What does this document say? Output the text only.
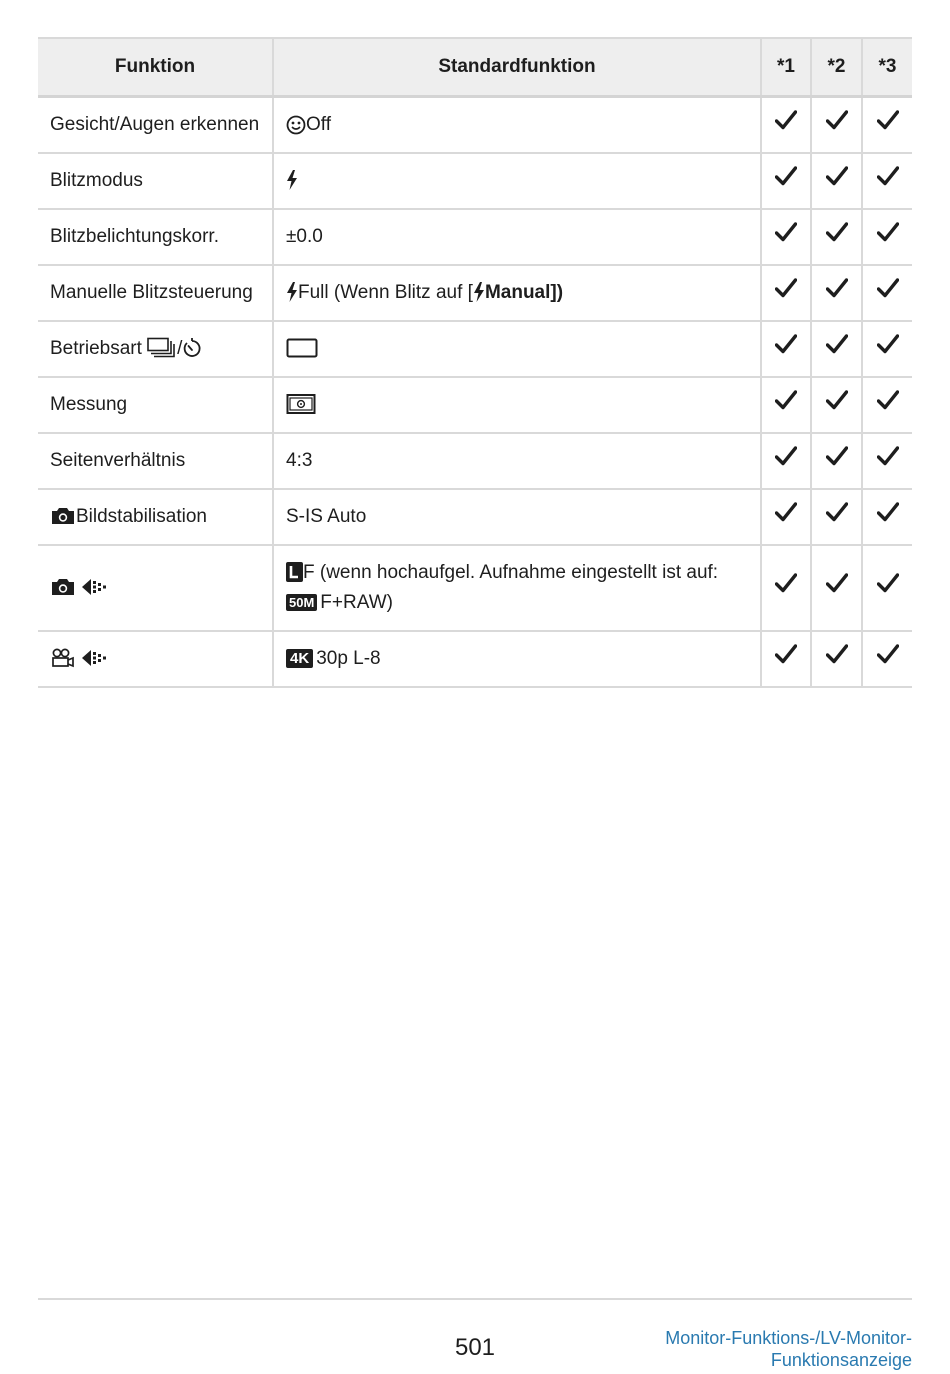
Funktion	Standardfunktion	*1	*2	*3
Gesicht/Augen erkennen	Off			
Blitzmodus				
Blitzbelichtungskorr.	±0.0			
Manuelle Blitzsteuerung	Full (Wenn Blitz auf [ Manual])			
Betriebsart /				
Messung				
Seitenverhältnis	4:3			
Bildstabilisation	S-IS Auto			
	F (wenn hochaufgel. Aufnahme eingestellt ist auf:
50M F+RAW)			
	4K 30p L-8			
501	Monitor-Funktions-/LV-Monitor-
Funktionsanzeige
